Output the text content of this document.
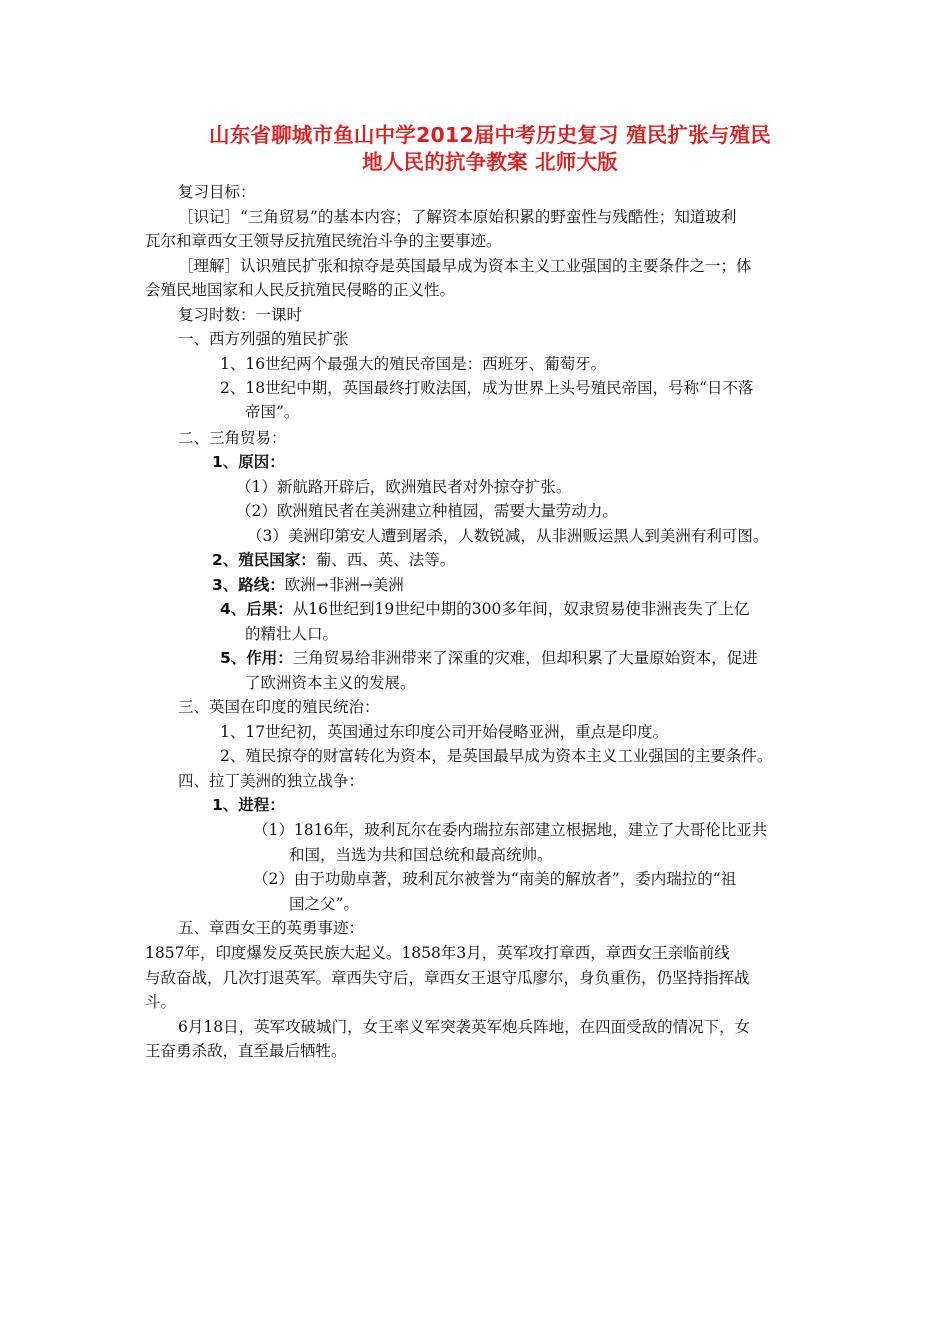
山东省聊城市鱼山中学2012届中考历史复习 殖民扩张与殖民
地人民的抗争教案 北师大版
复习目标：
［识记］“三角贸易”的基本内容；了解资本原始积累的野蛮性与残酷性；知道玻利
瓦尔和章西女王领导反抗殖民统治斗争的主要事迹。
［理解］认识殖民扩张和掠夺是英国最早成为资本主义工业强国的主要条件之一；体
会殖民地国家和人民反抗殖民侵略的正义性。
复习时数：一课时
一、西方列强的殖民扩张
1、16世纪两个最强大的殖民帝国是：西班牙、葡萄牙。
2、18世纪中期，英国最终打败法国，成为世界上头号殖民帝国，号称“日不落
帝国”。
二、三角贸易：
1、原因：
（1）新航路开辟后，欧洲殖民者对外掠夺扩张。
（2）欧洲殖民者在美洲建立种植园，需要大量劳动力。
（3）美洲印第安人遭到屠杀，人数锐减，从非洲贩运黑人到美洲有利可图。
2、殖民国家：葡、西、英、法等。
3、路线：欧洲→非洲→美洲
4、后果：从16世纪到19世纪中期的300多年间，奴隶贸易使非洲丧失了上亿
的精壮人口。
5、作用：三角贸易给非洲带来了深重的灾难，但却积累了大量原始资本，促进
了欧洲资本主义的发展。
三、英国在印度的殖民统治：
1、17世纪初，英国通过东印度公司开始侵略亚洲，重点是印度。
2、殖民掠夺的财富转化为资本，是英国最早成为资本主义工业强国的主要条件。
四、拉丁美洲的独立战争：
1、进程：
（1）1816年，玻利瓦尔在委内瑞拉东部建立根据地，建立了大哥伦比亚共
和国，当选为共和国总统和最高统帅。
（2）由于功勋卓著，玻利瓦尔被誉为“南美的解放者”，委内瑞拉的“祖
国之父”。
五、章西女王的英勇事迹：
1857年，印度爆发反英民族大起义。1858年3月，英军攻打章西，章西女王亲临前线
与敌奋战，几次打退英军。章西失守后，章西女王退守瓜廖尔，身负重伤，仍坚持指挥战
斗。
6月18日，英军攻破城门，女王率义军突袭英军炮兵阵地，在四面受敌的情况下，女
王奋勇杀敌，直至最后牺牲。
